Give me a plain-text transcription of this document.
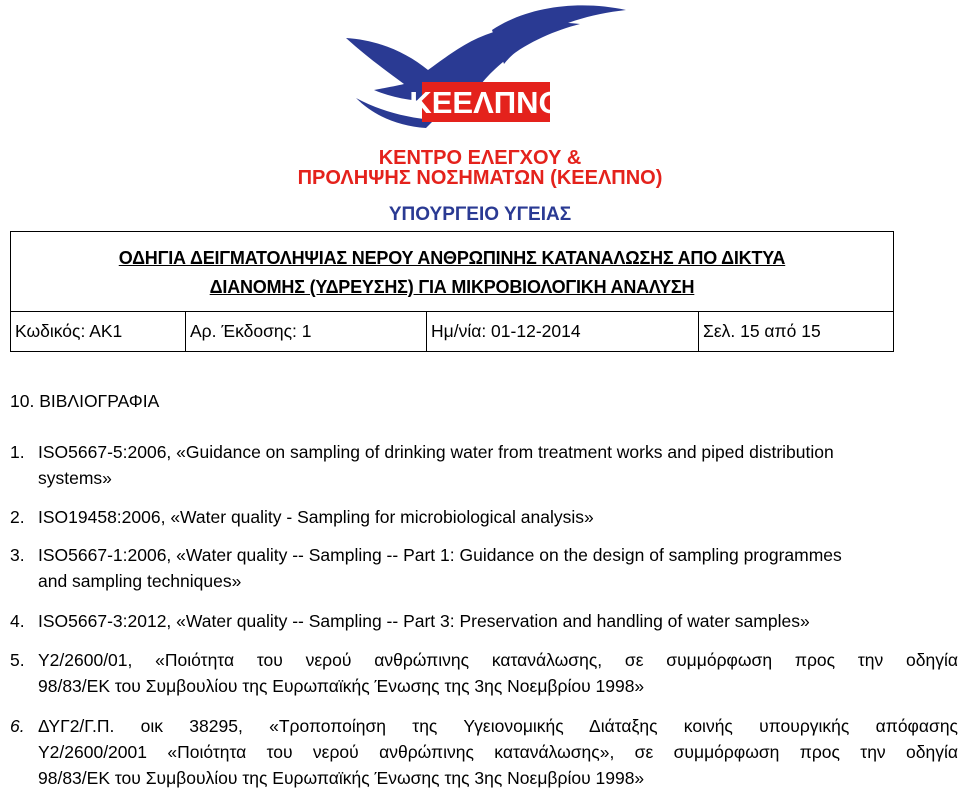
ΚΕΕΛΠΝΟ
ΚΕΝΤΡΟ ΕΛΕΓΧΟΥ &
ΠΡΟΛΗΨΗΣ ΝΟΣΗΜΑΤΩΝ (ΚΕΕΛΠΝΟ)
ΥΠΟΥΡΓΕΙΟ ΥΓΕΙΑΣ
ΟΔΗΓΙΑ ΔΕΙΓΜΑΤΟΛΗΨΙΑΣ ΝΕΡΟΥ ΑΝΘΡΩΠΙΝΗΣ ΚΑΤΑΝΑΛΩΣΗΣ ΑΠΟ ΔΙΚΤΥΑ
ΔΙΑΝΟΜΗΣ (ΥΔΡΕΥΣΗΣ) ΓΙΑ ΜΙΚΡΟΒΙΟΛΟΓΙΚΗ ΑΝΑΛΥΣΗ
Κωδικός: ΑΚ1	Αρ. Έκδοσης: 1	Ημ/νία: 01-12-2014	Σελ. 15 από 15
10. ΒΙΒΛΙΟΓΡΑΦΙΑ
1. ISO5667-5:2006, «Guidance on sampling of drinking water from treatment works and piped distribution
systems»
2. ISO19458:2006, «Water quality - Sampling for microbiological analysis»
3. ISO5667-1:2006, «Water quality -- Sampling -- Part 1: Guidance on the design of sampling programmes
and sampling techniques»
4. ISO5667-3:2012, «Water quality -- Sampling -- Part 3: Preservation and handling of water samples»
5. Υ2/2600/01, «Ποιότητα του νερού ανθρώπινης κατανάλωσης, σε συμμόρφωση προς την οδηγία
98/83/ΕΚ του Συμβουλίου της Ευρωπαϊκής Ένωσης της 3ης Νοεμβρίου 1998»
6. ΔΥΓ2/Γ.Π. οικ 38295, «Τροποποίηση της Υγειονομικής Διάταξης κοινής υπουργικής απόφασης
Υ2/2600/2001 «Ποιότητα του νερού ανθρώπινης κατανάλωσης», σε συμμόρφωση προς την οδηγία
98/83/ΕΚ του Συμβουλίου της Ευρωπαϊκής Ένωσης της 3ης Νοεμβρίου 1998»
